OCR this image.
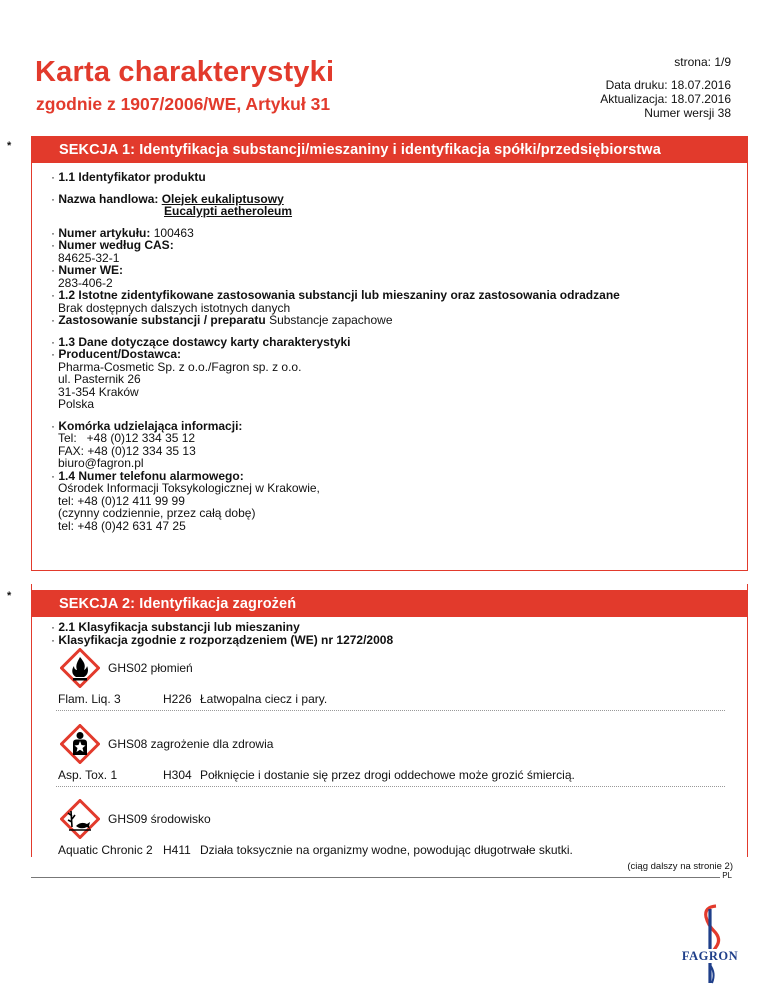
strona: 1/9
Karta charakterystyki
zgodnie z 1907/2006/WE, Artykuł 31
Data druku: 18.07.2016
Aktualizacja: 18.07.2016
Numer wersji 38
*	SEKCJA 1: Identyfikacja substancji/mieszaniny i identyfikacja spółki/przedsiębiorstwa
· 1.1 Identyfikator produktu
· Nazwa handlowa: Olejek eukaliptusowy
Eucalypti aetheroleum
· Numer artykułu: 100463
· Numer według CAS:
84625-32-1
· Numer WE:
283-406-2
· 1.2 Istotne zidentyfikowane zastosowania substancji lub mieszaniny oraz zastosowania odradzane
Brak dostępnych dalszych istotnych danych
· Zastosowanie substancji / preparatu Substancje zapachowe
· 1.3 Dane dotyczące dostawcy karty charakterystyki
· Producent/Dostawca:
Pharma-Cosmetic Sp. z o.o./Fagron sp. z o.o.
ul. Pasternik 26
31-354 Kraków
Polska
· Komórka udzielająca informacji:
Tel:   +48 (0)12 334 35 12
FAX: +48 (0)12 334 35 13
biuro@fagron.pl
· 1.4 Numer telefonu alarmowego:
Ośrodek Informacji Toksykologicznej w Krakowie,
tel: +48 (0)12 411 99 99
(czynny codziennie, przez całą dobę)
tel: +48 (0)42 631 47 25
*	SEKCJA 2: Identyfikacja zagrożeń
· 2.1 Klasyfikacja substancji lub mieszaniny
· Klasyfikacja zgodnie z rozporządzeniem (WE) nr 1272/2008
GHS02 płomień
Flam. Liq. 3	H226 Łatwopalna ciecz i pary.
GHS08 zagrożenie dla zdrowia
Asp. Tox. 1	H304 Połknięcie i dostanie się przez drogi oddechowe może grozić śmiercią.
GHS09 środowisko
Aquatic Chronic 2 H411 Działa toksycznie na organizmy wodne, powodując długotrwałe skutki.
(ciąg dalszy na stronie 2)
PL
FAGRON
